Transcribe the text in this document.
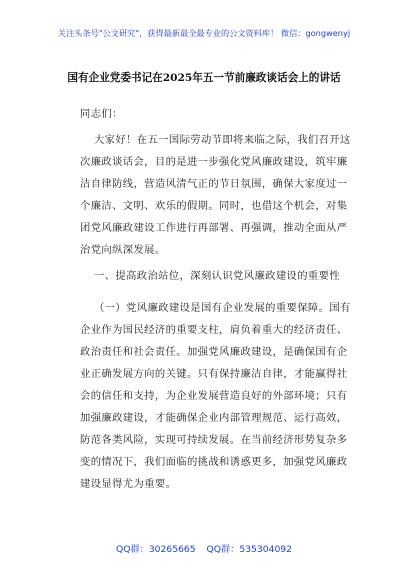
关注头条号"公文研究"，获得最新最全最专业的公文资料库！ 微信：gongwenyj
国有企业党委书记在2025年五一节前廉政谈话会上的讲话
同志们：
大家好！在五一国际劳动节即将来临之际，我们召开这
次廉政谈话会，目的是进一步强化党风廉政建设，筑牢廉
洁自律防线，营造风清气正的节日氛围，确保大家度过一
个廉洁、文明、欢乐的假期。同时，也借这个机会，对集
团党风廉政建设工作进行再部署、再强调，推动全面从严
治党向纵深发展。
一、提高政治站位，深刻认识党风廉政建设的重要性
（一）党风廉政建设是国有企业发展的重要保障。国有
企业作为国民经济的重要支柱，肩负着重大的经济责任、
政治责任和社会责任。加强党风廉政建设，是确保国有企
业正确发展方向的关键。只有保持廉洁自律，才能赢得社
会的信任和支持，为企业发展营造良好的外部环境；只有
加强廉政建设，才能确保企业内部管理规范、运行高效，
防范各类风险，实现可持续发展。在当前经济形势复杂多
变的情况下，我们面临的挑战和诱惑更多，加强党风廉政
建设显得尤为重要。
QQ群：30265665 QQ群：535304092
